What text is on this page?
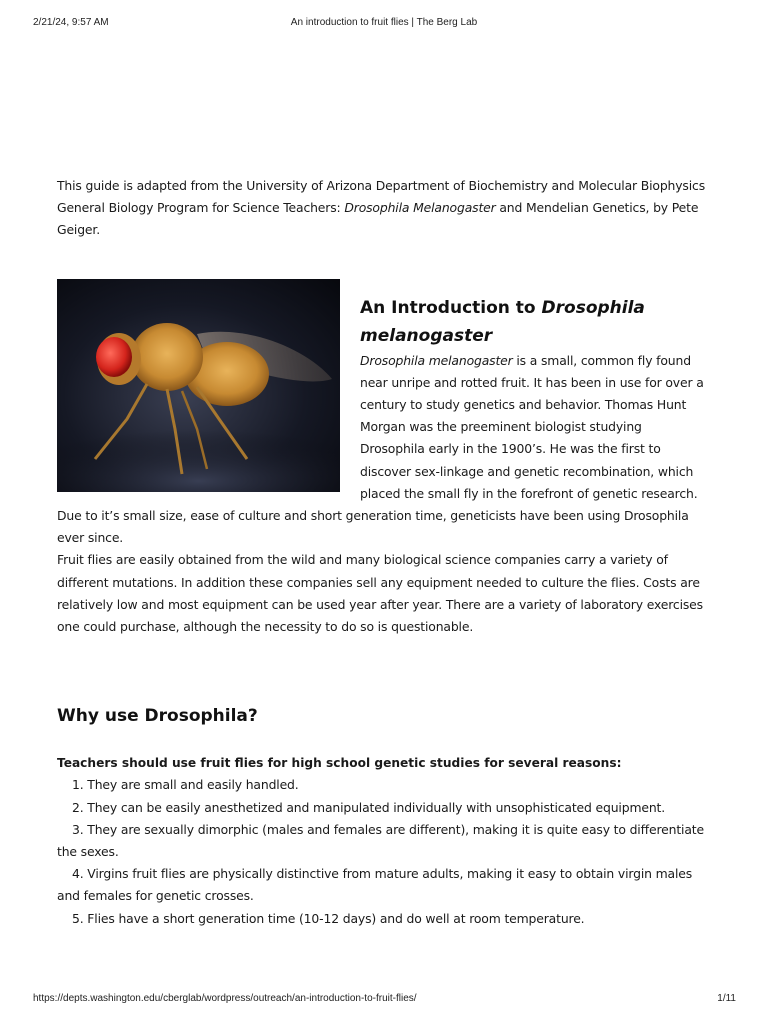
2/21/24, 9:57 AM	An introduction to fruit flies | The Berg Lab

This guide is adapted from the University of Arizona Department of Biochemistry and Molecular Biophysics General Biology Program for Science Teachers: Drosophila Melanogaster and Mendelian Genetics, by Pete Geiger.

An Introduction to Drosophila melanogaster

Drosophila melanogaster is a small, common fly found near unripe and rotted fruit. It has been in use for over a century to study genetics and behavior. Thomas Hunt Morgan was the preeminent biologist studying Drosophila early in the 1900’s. He was the first to discover sex-linkage and genetic recombination, which placed the small fly in the forefront of genetic research. Due to it’s small size, ease of culture and short generation time, geneticists have been using Drosophila ever since.

Fruit flies are easily obtained from the wild and many biological science companies carry a variety of different mutations. In addition these companies sell any equipment needed to culture the flies. Costs are relatively low and most equipment can be used year after year. There are a variety of laboratory exercises one could purchase, although the necessity to do so is questionable.

Why use Drosophila?

Teachers should use fruit flies for high school genetic studies for several reasons:

1. They are small and easily handled.
2. They can be easily anesthetized and manipulated individually with unsophisticated equipment.
3. They are sexually dimorphic (males and females are different), making it is quite easy to differentiate the sexes.
4. Virgins fruit flies are physically distinctive from mature adults, making it easy to obtain virgin males and females for genetic crosses.
5. Flies have a short generation time (10-12 days) and do well at room temperature.
https://depts.washington.edu/cberglab/wordpress/outreach/an-introduction-to-fruit-flies/	1/11
